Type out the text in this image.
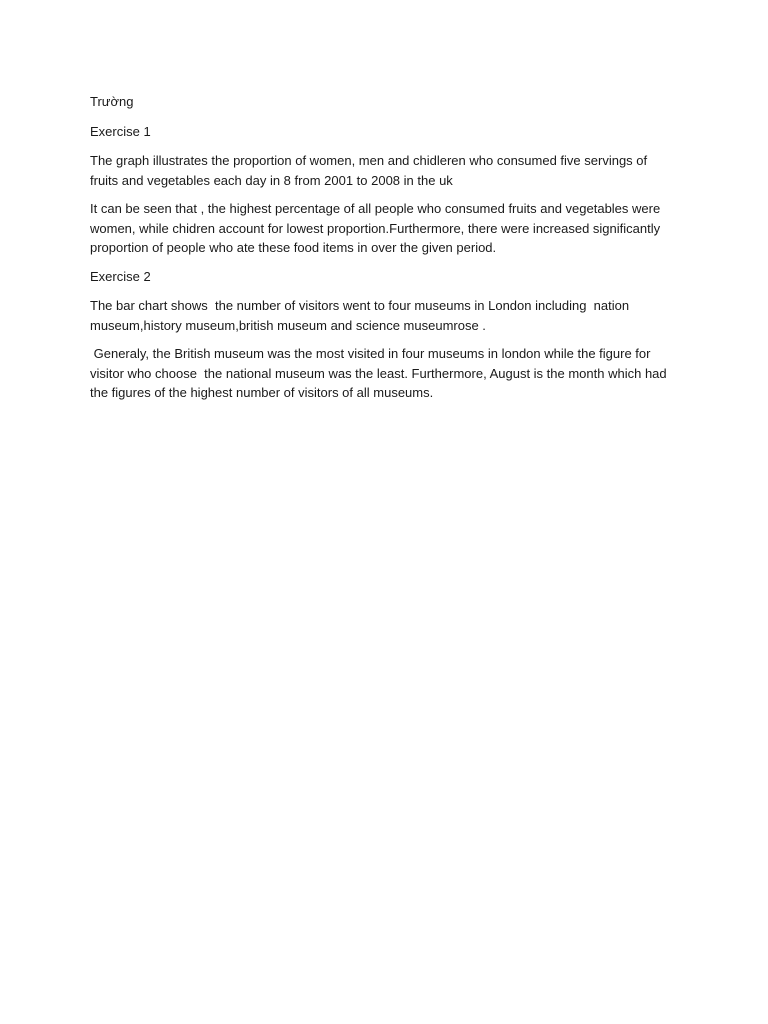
Trường

Exercise 1

The graph illustrates the proportion of women, men and chidleren who consumed five servings of fruits and vegetables each day in 8 from 2001 to 2008 in the uk

It can be seen that , the highest percentage of all people who consumed fruits and vegetables were women, while chidren account for lowest proportion.Furthermore, there were increased significantly proportion of people who ate these food items in over the given period.

Exercise 2

The bar chart shows  the number of visitors went to four museums in London including  nation museum,history museum,british museum and science museumrose .

Generaly, the British museum was the most visited in four museums in london while the figure for visitor who choose  the national museum was the least. Furthermore, August is the month which had the figures of the highest number of visitors of all museums.
